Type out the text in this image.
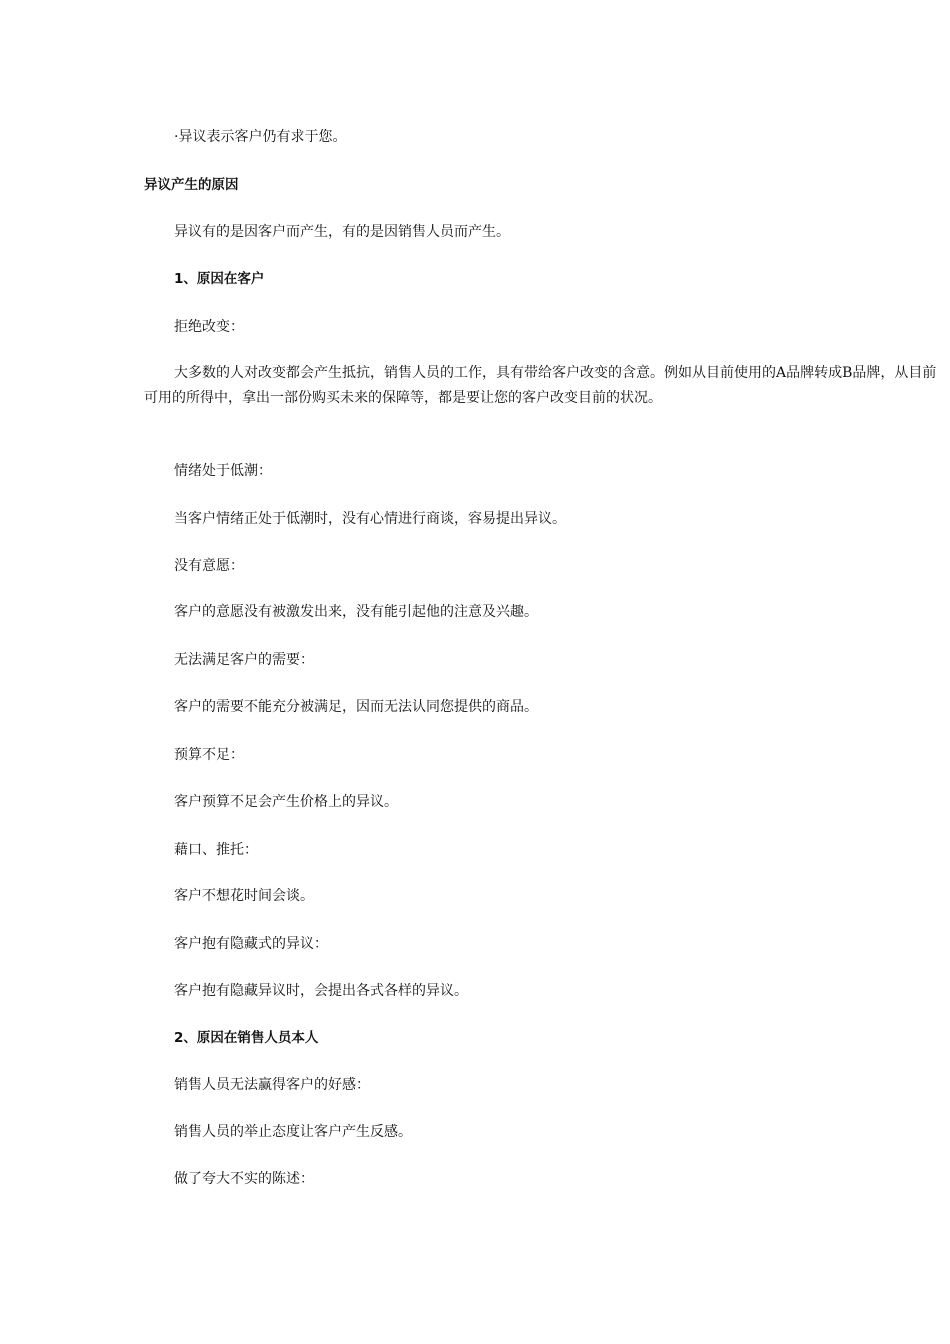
·异议表示客户仍有求于您。
异议产生的原因
异议有的是因客户而产生，有的是因销售人员而产生。
1、原因在客户
拒绝改变：
大多数的人对改变都会产生抵抗，销售人员的工作，具有带给客户改变的含意。例如从目前使用的A品牌转成B品牌，从目前可用的所得中，拿出一部份购买未来的保障等，都是要让您的客户改变目前的状况。
情绪处于低潮：
当客户情绪正处于低潮时，没有心情进行商谈，容易提出异议。
没有意愿：
客户的意愿没有被激发出来，没有能引起他的注意及兴趣。
无法满足客户的需要：
客户的需要不能充分被满足，因而无法认同您提供的商品。
预算不足：
客户预算不足会产生价格上的异议。
藉口、推托：
客户不想花时间会谈。
客户抱有隐藏式的异议：
客户抱有隐藏异议时，会提出各式各样的异议。
2、原因在销售人员本人
销售人员无法赢得客户的好感：
销售人员的举止态度让客户产生反感。
做了夸大不实的陈述：
